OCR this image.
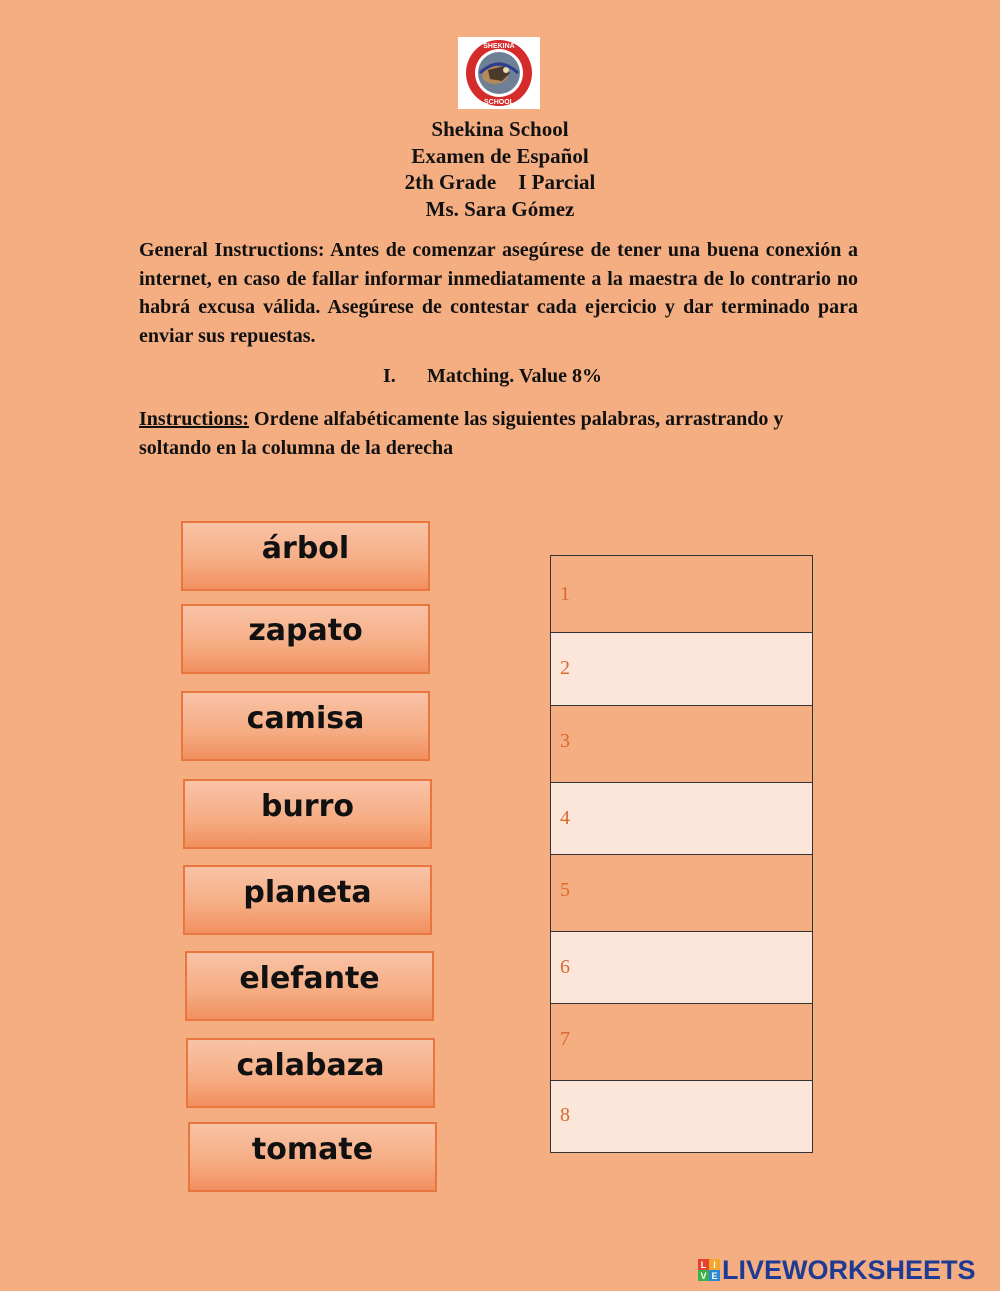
SHEKINA
SCHOOL
Shekina School
Examen de Español
2th Grade I Parcial
Ms. Sara Gómez
General Instructions: Antes de comenzar asegúrese de tener una buena conexión a internet, en caso de fallar informar inmediatamente a la maestra de lo contrario no habrá excusa válida. Asegúrese de contestar cada ejercicio y dar terminado para enviar sus repuestas.
I. Matching. Value 8%
Instructions: Ordene alfabéticamente las siguientes palabras, arrastrando y soltando en la columna de la derecha
árbol
zapato
camisa
burro
planeta
elefante
calabaza
tomate
1
2
3
4
5
6
7
8
L I
V E LIVEWORKSHEETS
